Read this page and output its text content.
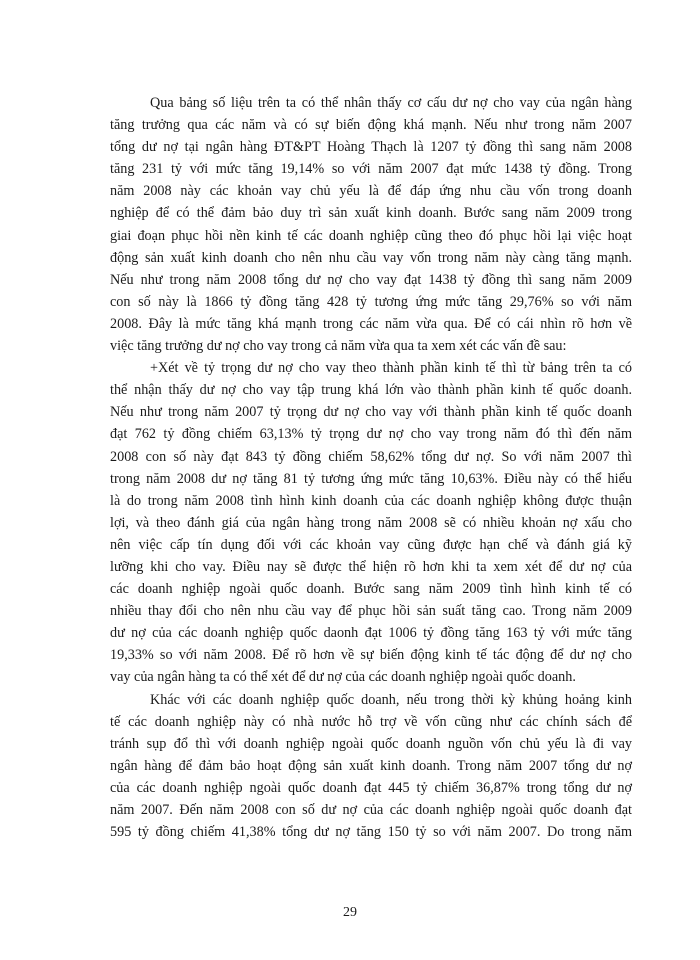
Qua bảng số liệu trên ta có thể nhân thấy cơ cấu dư nợ cho vay của ngân hàng
tăng trưởng qua các năm và có sự biến động khá mạnh. Nếu như trong năm 2007
tổng dư nợ tại ngân hàng ĐT&PT Hoàng Thạch là 1207 tỷ đồng thì sang năm 2008
tăng 231 tỷ với mức tăng 19,14% so với năm 2007 đạt mức 1438 tỷ đồng. Trong
năm 2008 này các khoản vay chủ yếu là để đáp ứng nhu cầu vốn trong doanh
nghiệp để có thể đảm bảo duy trì sản xuất kinh doanh. Bước sang năm 2009 trong
giai đoạn phục hồi nền kinh tế các doanh nghiệp cũng theo đó phục hồi lại việc hoạt
động sản xuất kinh doanh cho nên nhu cầu vay vốn trong năm này càng tăng mạnh.
Nếu như trong năm 2008 tổng dư nợ cho vay đạt 1438 tỷ đồng thì sang năm 2009
con số này là 1866 tỷ đồng tăng 428 tỷ tương ứng mức tăng 29,76% so với năm
2008. Đây là mức tăng khá mạnh trong các năm vừa qua. Để có cái nhìn rõ hơn về
việc tăng trưởng dư nợ cho vay trong cả năm vừa qua ta xem xét các vấn đề sau:
+Xét về tỷ trọng dư nợ cho vay theo thành phần kinh tế thì từ bảng trên ta có
thể nhận thấy dư nợ cho vay tập trung khá lớn vào thành phần kinh tế quốc doanh.
Nếu như trong năm 2007 tỷ trọng dư nợ cho vay với thành phần kinh tế quốc doanh
đạt 762 tỷ đồng chiếm 63,13% tỷ trọng dư nợ cho vay trong năm đó thì đến năm
2008 con số này đạt 843 tỷ đồng chiếm 58,62% tổng dư nợ. So với năm 2007 thì
trong năm 2008 dư nợ tăng 81 tỷ tương ứng mức tăng 10,63%. Điều này có thể hiểu
là do trong năm 2008 tình hình kinh doanh của các doanh nghiệp không được thuận
lợi, và theo đánh giá của ngân hàng trong năm 2008 sẽ có nhiều khoản nợ xấu cho
nên việc cấp tín dụng đối với các khoản vay cũng được hạn chế và đánh giá kỹ
lưỡng khi cho vay. Điều nay sẽ được thể hiện rõ hơn khi ta xem xét để dư nợ của
các doanh nghiệp ngoài quốc doanh. Bước sang năm 2009 tình hình kinh tế có
nhiều thay đổi cho nên nhu cầu vay để phục hồi sản suất tăng cao. Trong năm 2009
dư nợ của các doanh nghiệp quốc daonh đạt 1006 tỷ đồng tăng 163 tỷ với mức tăng
19,33% so với năm 2008. Để rõ hơn về sự biến động kinh tế tác động để dư nợ cho
vay của ngân hàng ta có thể xét để dư nợ của các doanh nghiệp ngoài quốc doanh.
Khác với các doanh nghiệp quốc doanh, nếu trong thời kỳ khủng hoảng kinh
tế các doanh nghiệp này có nhà nước hỗ trợ về vốn cũng như các chính sách để
tránh sụp đổ thì với doanh nghiệp ngoài quốc doanh nguồn vốn chủ yếu là đi vay
ngân hàng để đảm bảo hoạt động sản xuất kinh doanh. Trong năm 2007 tổng dư nợ
của các doanh nghiệp ngoài quốc doanh đạt 445 tỷ chiếm 36,87% trong tổng dư nợ
năm 2007. Đến năm 2008 con số dư nợ của các doanh nghiệp ngoài quốc doanh đạt
595 tỷ đồng chiếm 41,38% tổng dư nợ tăng 150 tỷ so với năm 2007. Do trong năm
29
